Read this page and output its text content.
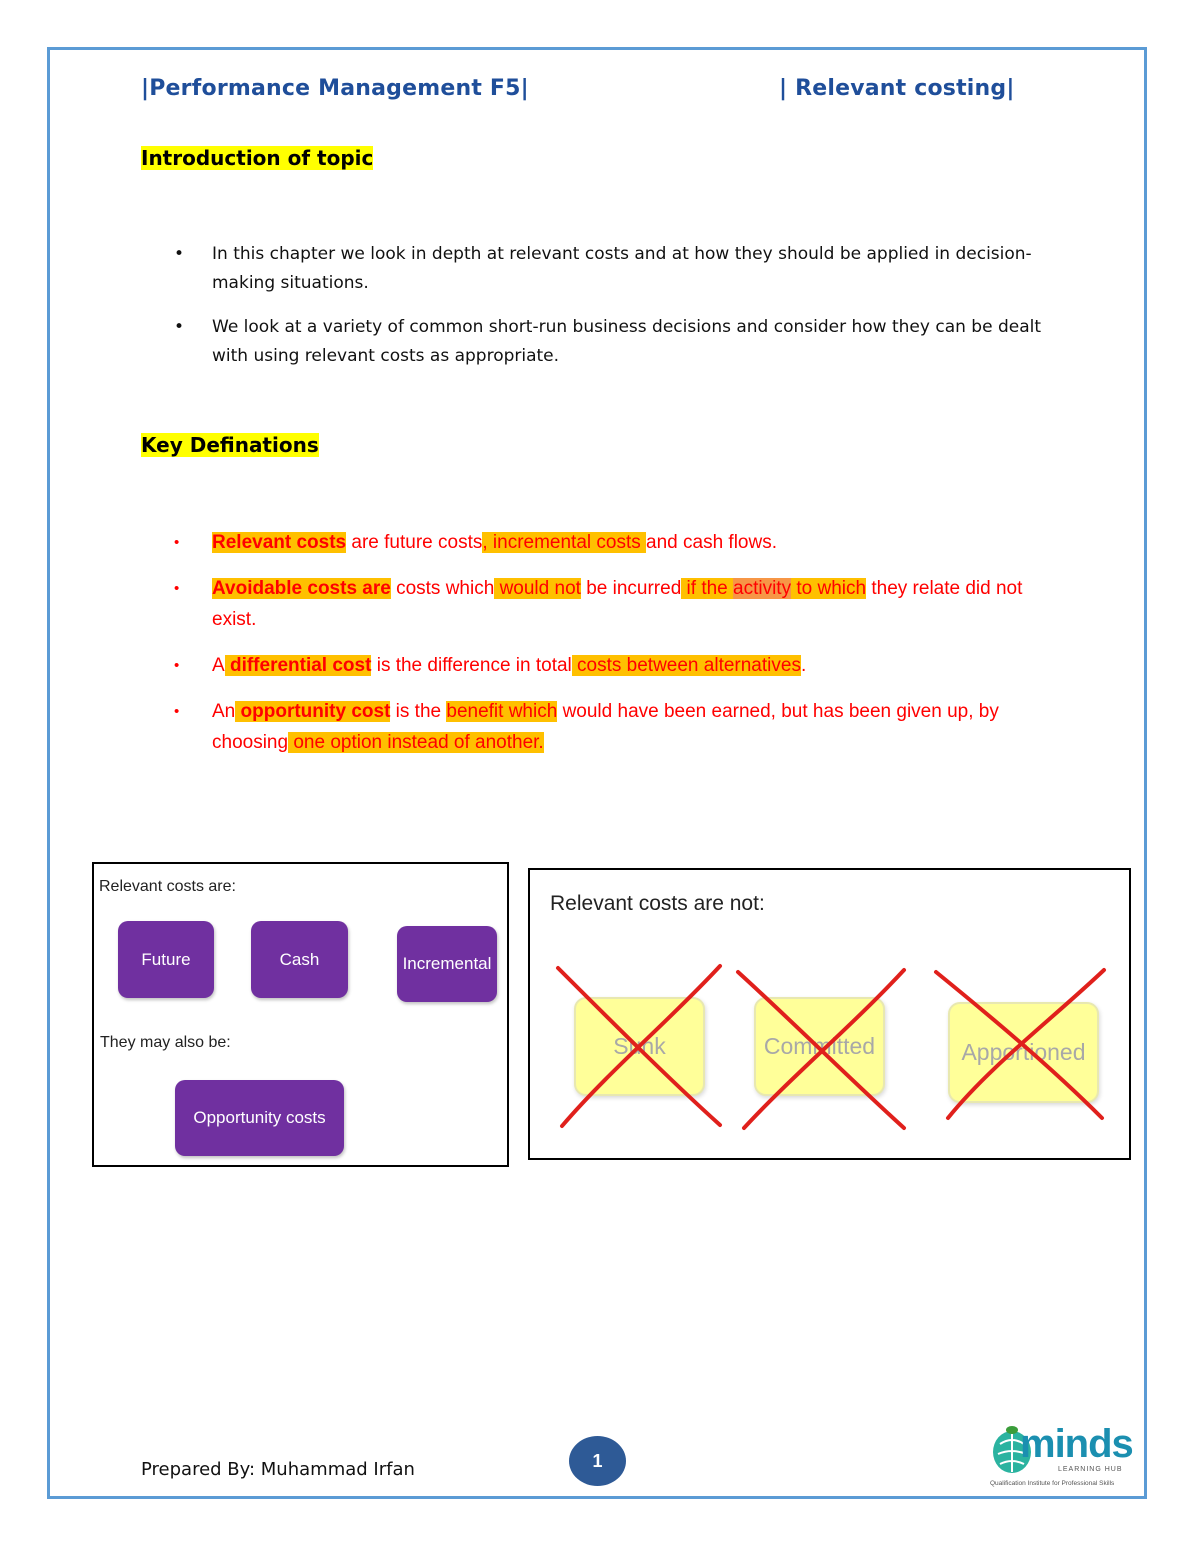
|Performance Management F5|	| Relevant costing|
Introduction of topic
• In this chapter we look in depth at relevant costs and at how they should be applied in decision-making situations.
• We look at a variety of common short-run business decisions and consider how they can be dealt with using relevant costs as appropriate.
Key Definations
• Relevant costs are future costs, incremental costs and cash flows.
• Avoidable costs are costs which would not be incurred if the activity to which they relate did not exist.
• A differential cost is the difference in total costs between alternatives.
• An opportunity cost is the benefit which would have been earned, but has been given up, by choosing one option instead of another.
Relevant costs are:
Future	Cash	Incremental
They may also be:
Opportunity costs
Relevant costs are not:
Sunk	Committed	Apportioned
Prepared By: Muhammad Irfan	1	minds
LEARNING HUB
Qualification Institute for Professional Skills
